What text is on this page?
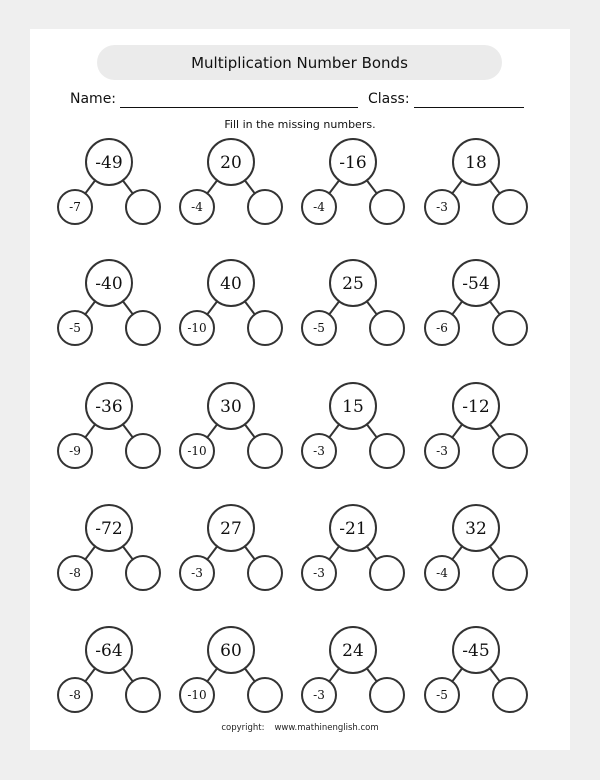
Multiplication Number Bonds
Name:	Class:
Fill in the missing numbers.
-49
-7
20
-4
-16
-4
18
-3
-40
-5
40
-10
25
-5
-54
-6
-36
-9
30
-10
15
-3
-12
-3
-72
-8
27
-3
-21
-3
32
-4
-64
-8
60
-10
24
-3
-45
-5
copyright: www.mathinenglish.com
